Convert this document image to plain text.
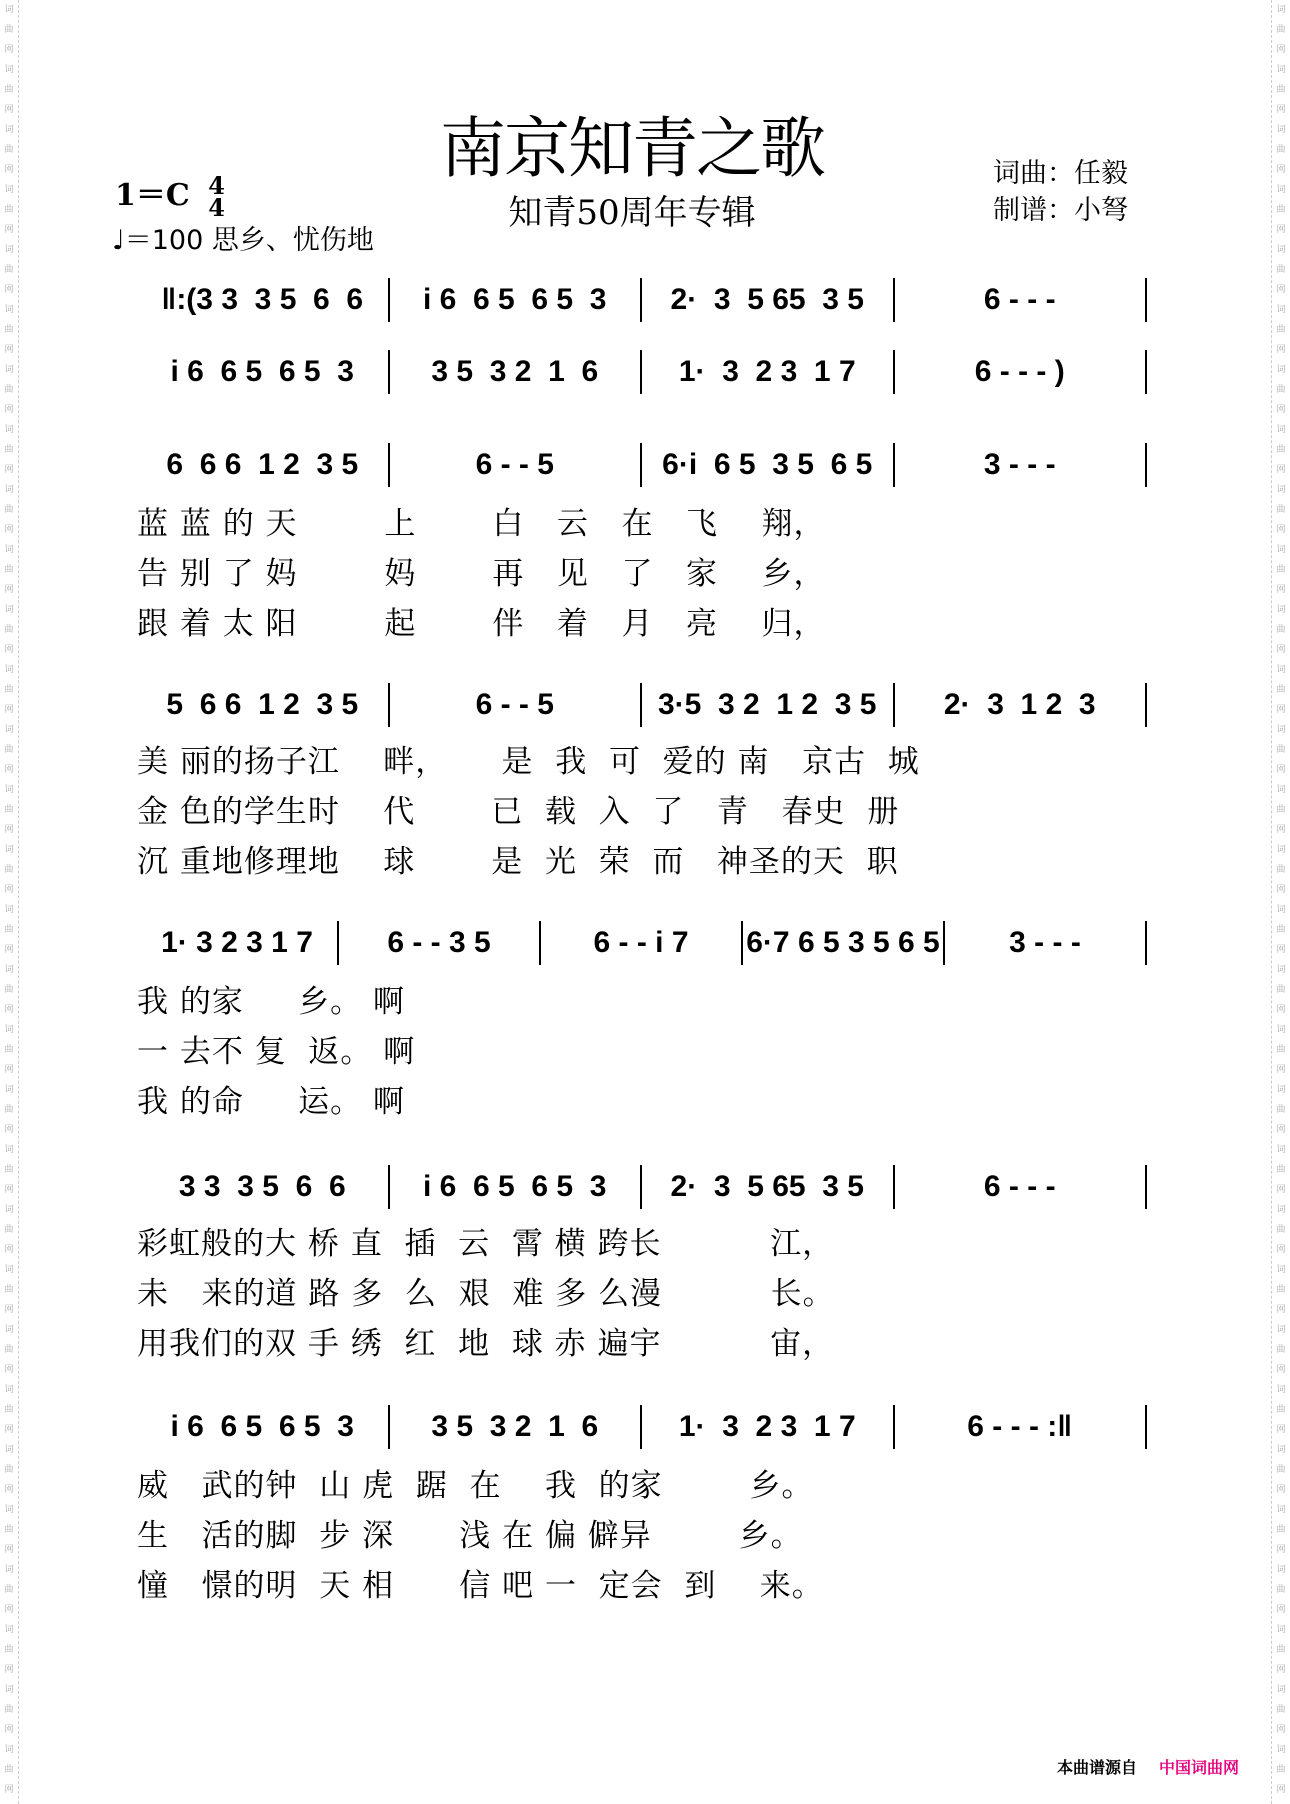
词
曲
网
词
曲
网
词
曲
网
词
曲
网
词
曲
网
词
曲
网
词
曲
网
词
曲
网
词
曲
网
词
曲
网
词
曲
网
词
曲
网
词
曲
网
词
曲
网
词
曲
网
词
曲
网
词
曲
网
词
曲
网
词
曲
网
词
曲
网
词
曲
网
词
曲
网
词
曲
网
词
曲
网
词
曲
网
词
曲
网
词
曲
网
词
曲
网
词
曲
网
词
曲
网
词
曲
网
词
曲
网
词
曲
网
词
曲
网
词
曲
网
词
曲
网
词
曲
网
词
曲
网
词
曲
网
词
曲
网
词
曲
网
词
曲
网
词
曲
网
词
曲
网
词
曲
网
词
曲
网
词
曲
网
词
曲
网
词
曲
网
词
曲
网
词
曲
网
词
曲
网
词
曲
网
词
曲
网
词
曲
网
词
曲
网
词
曲
网
词
曲
网
词
曲
网
词
曲
网
南京知青之歌
知青50周年专辑
词曲：任毅
制谱：小弩
1＝C 4
4
♩＝100 思乡、忧伤地
‖:(3 3  3 5  6  6	i 6  6 5  6 5  3	2·  3  5 65  3 5	6 - - -
i 6  6 5  6 5  3	3 5  3 2  1  6	1·  3  2 3  1 7	6 - - - )
6  6 6  1 2  3 5	6 - - 5	6·i  6 5  3 5  6 5	3 - - -
5  6 6  1 2  3 5	6 - - 5	3·5  3 2  1 2  3 5	2·  3  1 2  3
1· 3 2 3 1 7	6 - - 3 5	6 - - i 7	6·7 6 5 3 5 6 5	3 - - -
3 3  3 5  6  6	i 6  6 5  6 5  3	2·  3  5 65  3 5	6 - - -
i 6  6 5  6 5  3	3 5  3 2  1  6	1·  3  2 3  1 7	6 - - - :‖
蓝 蓝 的 天        上       白   云   在   飞    翔，
告 别 了 妈        妈       再   见   了   家    乡，
跟 着 太 阳        起       伴   着   月   亮    归，
美 丽的扬子江    畔，     是  我  可  爱的 南   京古  城
金 色的学生时    代       已  载  入  了   青   春史  册
沉 重地修理地    球       是  光  荣  而   神圣的天  职
我 的家     乡。 啊
一 去不 复  返。 啊
我 的命     运。 啊
彩虹般的大 桥 直  插  云  霄 横 跨长          江，
未   来的道 路 多  么  艰  难 多 么漫          长。
用我们的双 手 绣  红  地  球 赤 遍宇          宙，
威   武的钟  山 虎  踞  在    我  的家        乡。
生   活的脚  步 深      浅 在 偏 僻异        乡。
憧   憬的明  天 相      信 吧 一  定会  到    来。
本曲谱源自 中国词曲网
